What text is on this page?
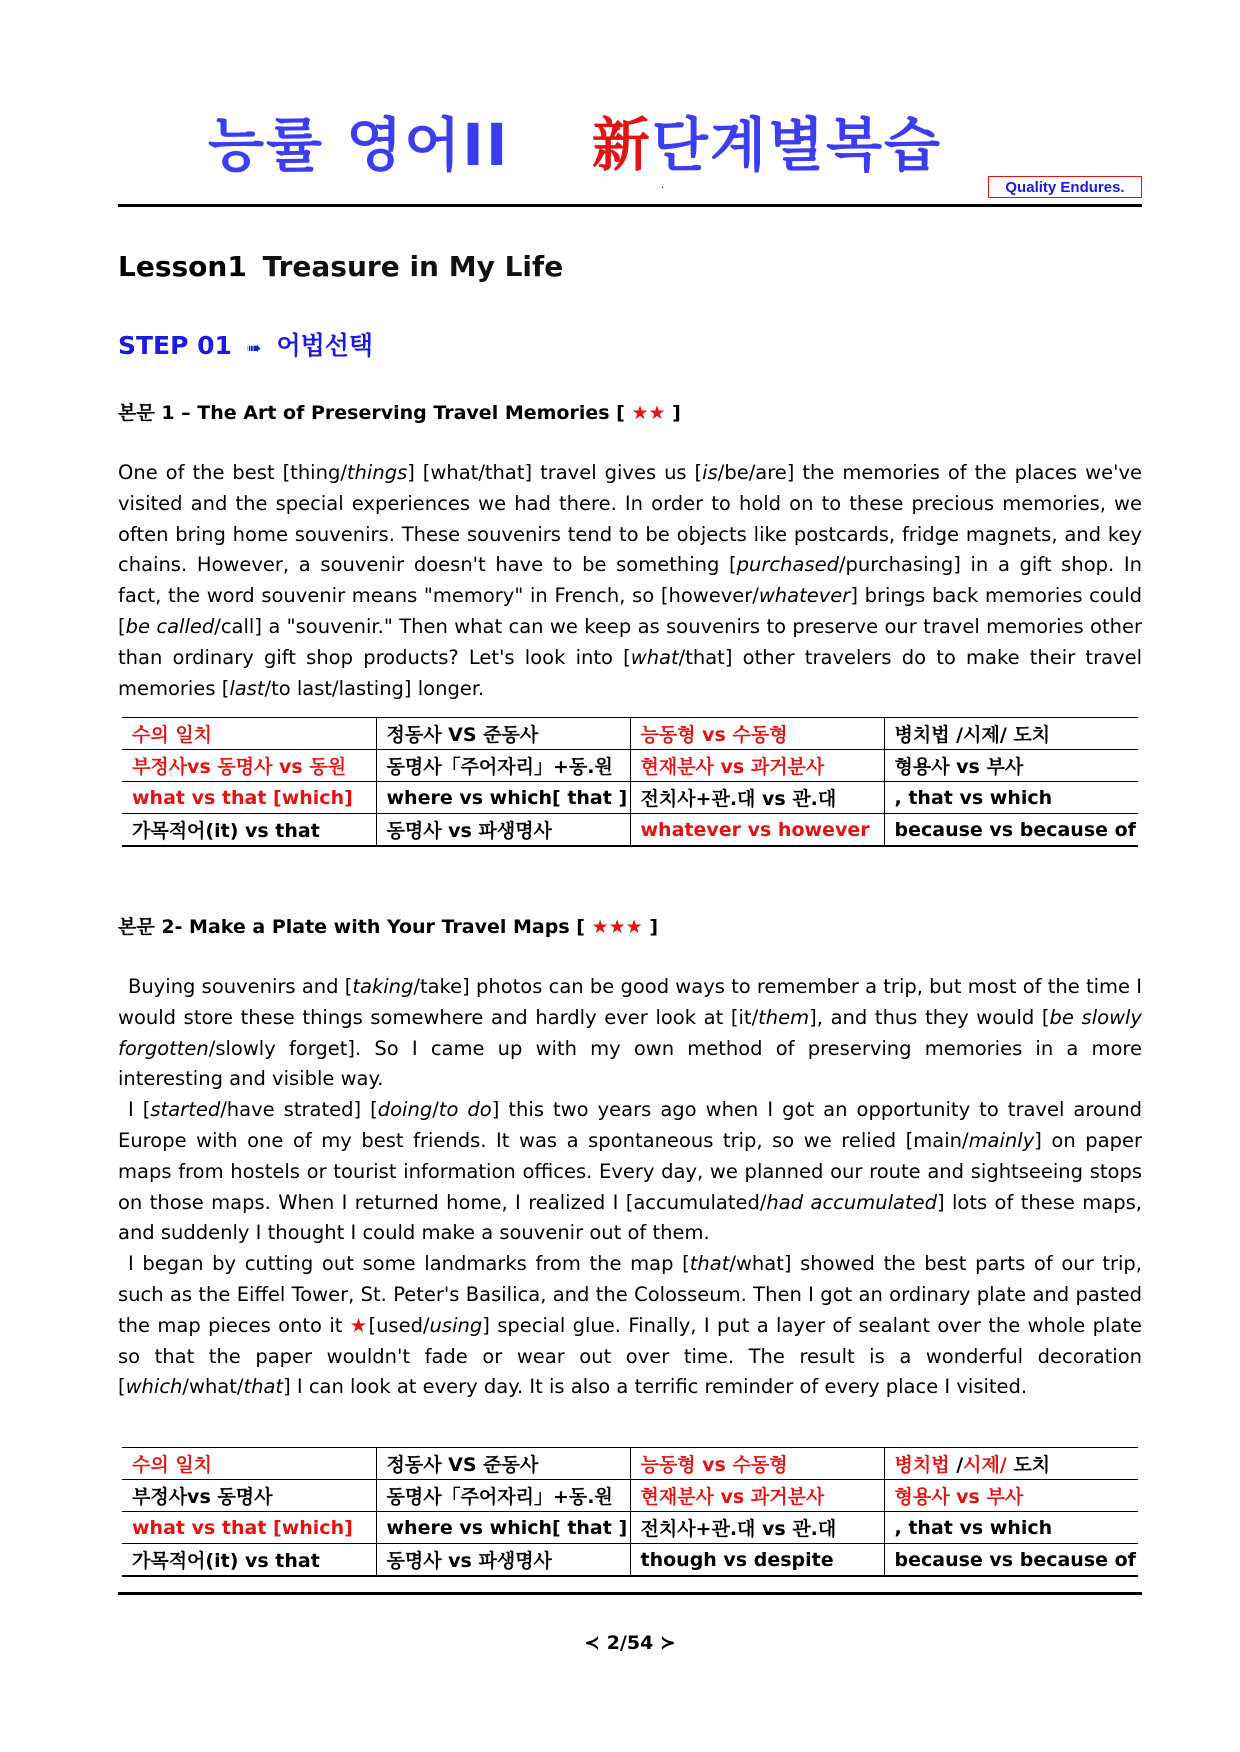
능률 영어II 新단계별복습
.	Quality Endures.
Lesson1 Treasure in My Life
STEP 01 ➠ 어법선택
본문 1 – The Art of Preserving Travel Memories [ ★★ ]

One of the best [thing/things] [what/that] travel gives us [is/be/are] the memories of the places we've visited and the special experiences we had there. In order to hold on to these precious memories, we often bring home souvenirs. These souvenirs tend to be objects like postcards, fridge magnets, and key chains. However, a souvenir doesn't have to be something [purchased/purchasing] in a gift shop. In fact, the word souvenir means "memory" in French, so [however/whatever] brings back memories could [be called/call] a "souvenir." Then what can we keep as souvenirs to preserve our travel memories other than ordinary gift shop products? Let's look into [what/that] other travelers do to make their travel memories [last/to last/lasting] longer.

수의 일치	정동사 VS 준동사	능동형 vs 수동형	병치법 /시제/ 도치
부정사vs 동명사 vs 동원	동명사「주어자리」+동.원	현재분사 vs 과거분사	형용사 vs 부사
what vs that [which]	where vs which[ that ]	전치사+관.대 vs 관.대	, that vs which
가목적어(it) vs that	동명사 vs 파생명사	whatever vs however	because vs because of
본문 2- Make a Plate with Your Travel Maps [ ★★★ ]

Buying souvenirs and [taking/take] photos can be good ways to remember a trip, but most of the time I would store these things somewhere and hardly ever look at [it/them], and thus they would [be slowly forgotten/slowly forget]. So I came up with my own method of preserving memories in a more interesting and visible way.

I [started/have strated] [doing/to do] this two years ago when I got an opportunity to travel around Europe with one of my best friends. It was a spontaneous trip, so we relied [main/mainly] on paper maps from hostels or tourist information offices. Every day, we planned our route and sightseeing stops on those maps. When I returned home, I realized I [accumulated/had accumulated] lots of these maps, and suddenly I thought I could make a souvenir out of them.

I began by cutting out some landmarks from the map [that/what] showed the best parts of our trip, such as the Eiffel Tower, St. Peter's Basilica, and the Colosseum. Then I got an ordinary plate and pasted the map pieces onto it ★[used/using] special glue. Finally, I put a layer of sealant over the whole plate so that the paper wouldn't fade or wear out over time. The result is a wonderful decoration [which/what/that] I can look at every day. It is also a terrific reminder of every place I visited.

수의 일치	정동사 VS 준동사	능동형 vs 수동형	병치법 /시제/ 도치
부정사vs 동명사	동명사「주어자리」+동.원	현재분사 vs 과거분사	형용사 vs 부사
what vs that [which]	where vs which[ that ]	전치사+관.대 vs 관.대	, that vs which
가목적어(it) vs that	동명사 vs 파생명사	though vs despite	because vs because of
≺ 2/54 ≻
